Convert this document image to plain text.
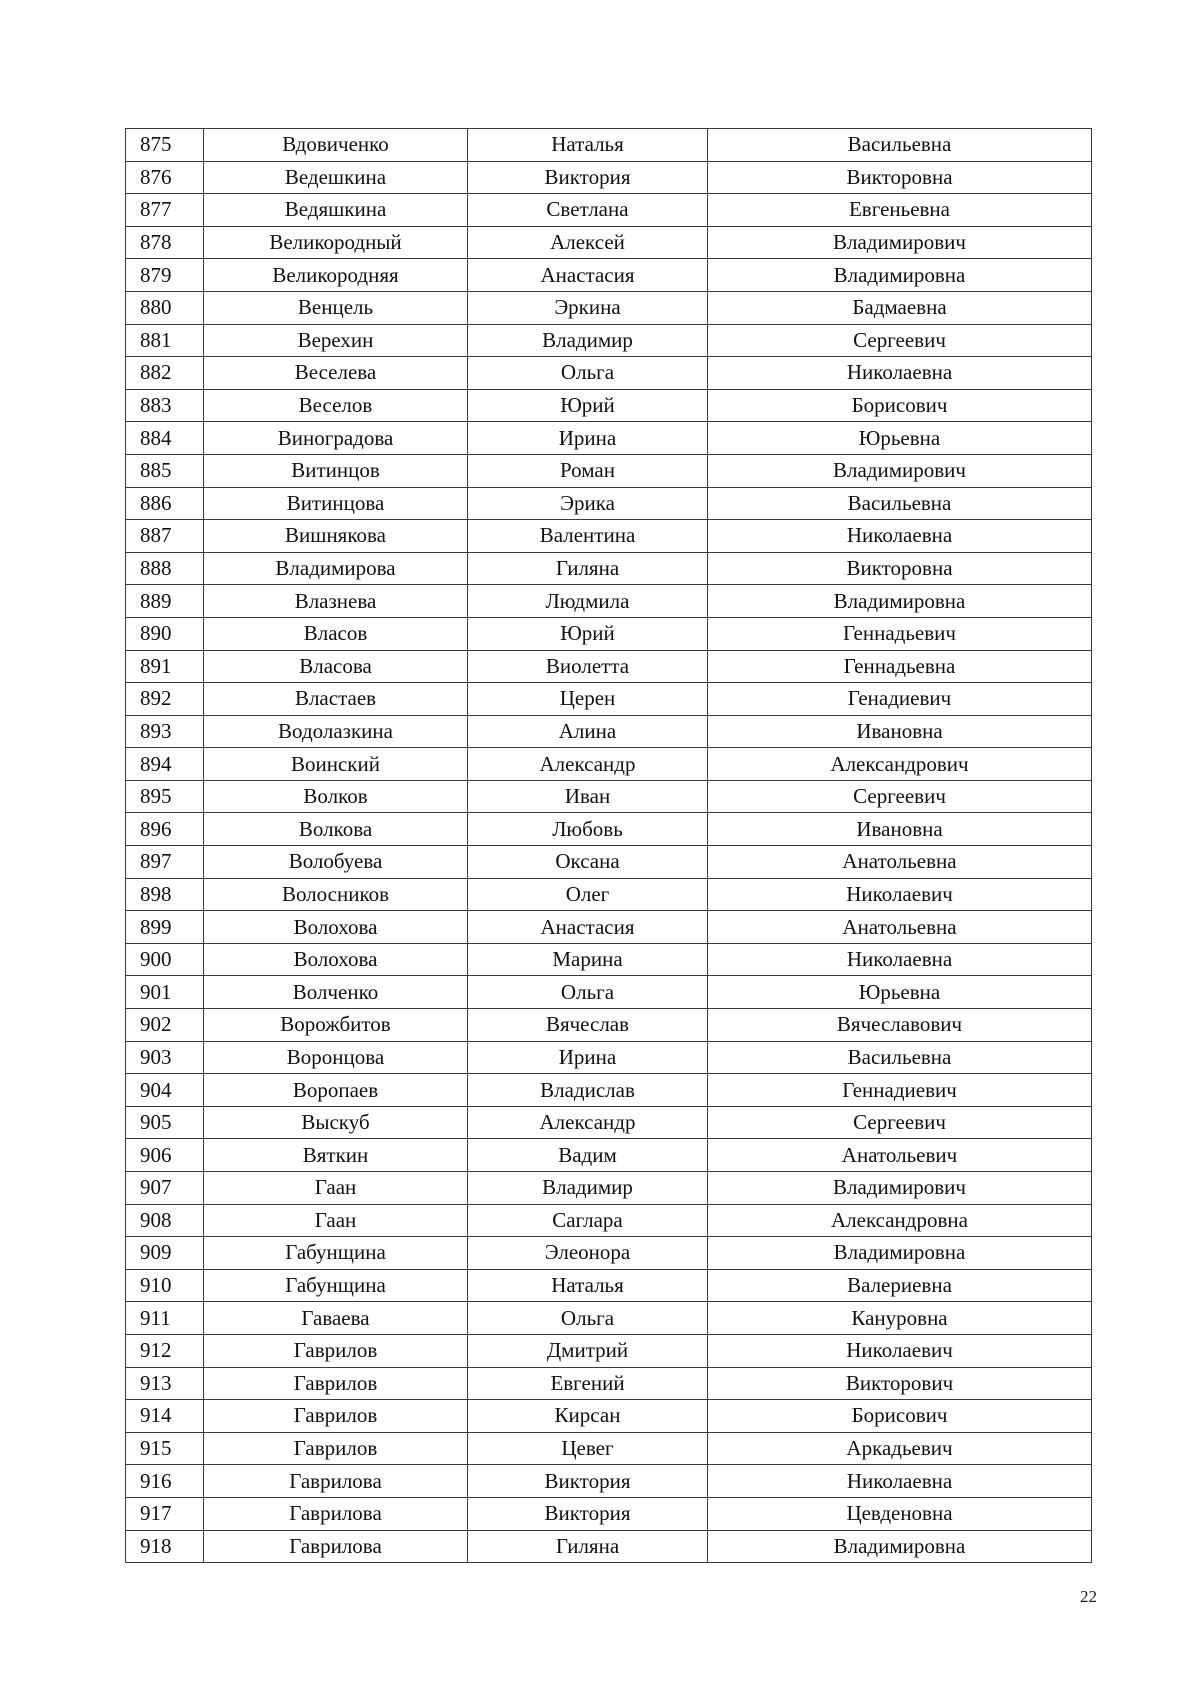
875	Вдовиченко	Наталья	Васильевна
876	Ведешкина	Виктория	Викторовна
877	Ведяшкина	Светлана	Евгеньевна
878	Великородный	Алексей	Владимирович
879	Великородняя	Анастасия	Владимировна
880	Венцель	Эркина	Бадмаевна
881	Верехин	Владимир	Сергеевич
882	Веселева	Ольга	Николаевна
883	Веселов	Юрий	Борисович
884	Виноградова	Ирина	Юрьевна
885	Витинцов	Роман	Владимирович
886	Витинцова	Эрика	Васильевна
887	Вишнякова	Валентина	Николаевна
888	Владимирова	Гиляна	Викторовна
889	Влазнева	Людмила	Владимировна
890	Власов	Юрий	Геннадьевич
891	Власова	Виолетта	Геннадьевна
892	Властаев	Церен	Генадиевич
893	Водолазкина	Алина	Ивановна
894	Воинский	Александр	Александрович
895	Волков	Иван	Сергеевич
896	Волкова	Любовь	Ивановна
897	Волобуева	Оксана	Анатольевна
898	Волосников	Олег	Николаевич
899	Волохова	Анастасия	Анатольевна
900	Волохова	Марина	Николаевна
901	Волченко	Ольга	Юрьевна
902	Ворожбитов	Вячеслав	Вячеславович
903	Воронцова	Ирина	Васильевна
904	Воропаев	Владислав	Геннадиевич
905	Выскуб	Александр	Сергеевич
906	Вяткин	Вадим	Анатольевич
907	Гаан	Владимир	Владимирович
908	Гаан	Саглара	Александровна
909	Габунщина	Элеонора	Владимировна
910	Габунщина	Наталья	Валериевна
911	Гаваева	Ольга	Кануровна
912	Гаврилов	Дмитрий	Николаевич
913	Гаврилов	Евгений	Викторович
914	Гаврилов	Кирсан	Борисович
915	Гаврилов	Цевег	Аркадьевич
916	Гаврилова	Виктория	Николаевна
917	Гаврилова	Виктория	Цевденовна
918	Гаврилова	Гиляна	Владимировна
22
